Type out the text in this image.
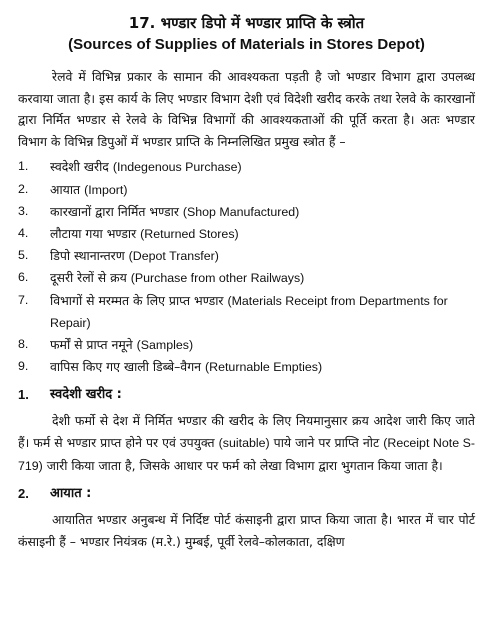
17. भण्डार डिपो में भण्डार प्राप्ति के स्त्रोत
(Sources of Supplies of Materials in Stores Depot)

रेलवे में विभिन्न प्रकार के सामान की आवश्यकता पड़ती है जो भण्डार विभाग द्वारा उपलब्ध करवाया जाता है। इस कार्य के लिए भण्डार विभाग देशी एवं विदेशी खरीद करके तथा रेलवे के कारखानों द्वारा निर्मित भण्डार से रेलवे के विभिन्न विभागों की आवश्यकताओं की पूर्ति करता है। अतः भण्डार विभाग के विभिन्न डिपुओं में भण्डार प्राप्ति के निम्नलिखित प्रमुख स्त्रोत हैं –

1.	स्वदेशी खरीद (Indegenous Purchase)
2.	आयात (Import)
3.	कारखानों द्वारा निर्मित भण्डार (Shop Manufactured)
4.	लौटाया गया भण्डार (Returned Stores)
5.	डिपो स्थानान्तरण (Depot Transfer)
6.	दूसरी रेलों से क्रय (Purchase from other Railways)
7.	विभागों से मरम्मत के लिए प्राप्त भण्डार (Materials Receipt from Departments for Repair)
8.	फर्मों से प्राप्त नमूने (Samples)
9.	वापिस किए गए खाली डिब्बे–वैगन (Returnable Empties)
1.	स्वदेशी खरीद :

देशी फर्मो से देश में निर्मित भण्डार की खरीद के लिए नियमानुसार क्रय आदेश जारी किए जाते हैं। फर्म से भण्डार प्राप्त होने पर एवं उपयुक्त (suitable) पाये जाने पर प्राप्ति नोट (Receipt Note S-719) जारी किया जाता है, जिसके आधार पर फर्म को लेखा विभाग द्वारा भुगतान किया जाता है।

2.	आयात :

आयातित भण्डार अनुबन्ध में निर्दिष्ट पोर्ट कंसाइनी द्वारा प्राप्त किया जाता है। भारत में चार पोर्ट कंसाइनी हैं – भण्डार नियंत्रक (म.रे.) मुम्बई, पूर्वी रेलवे–कोलकाता, दक्षिण
